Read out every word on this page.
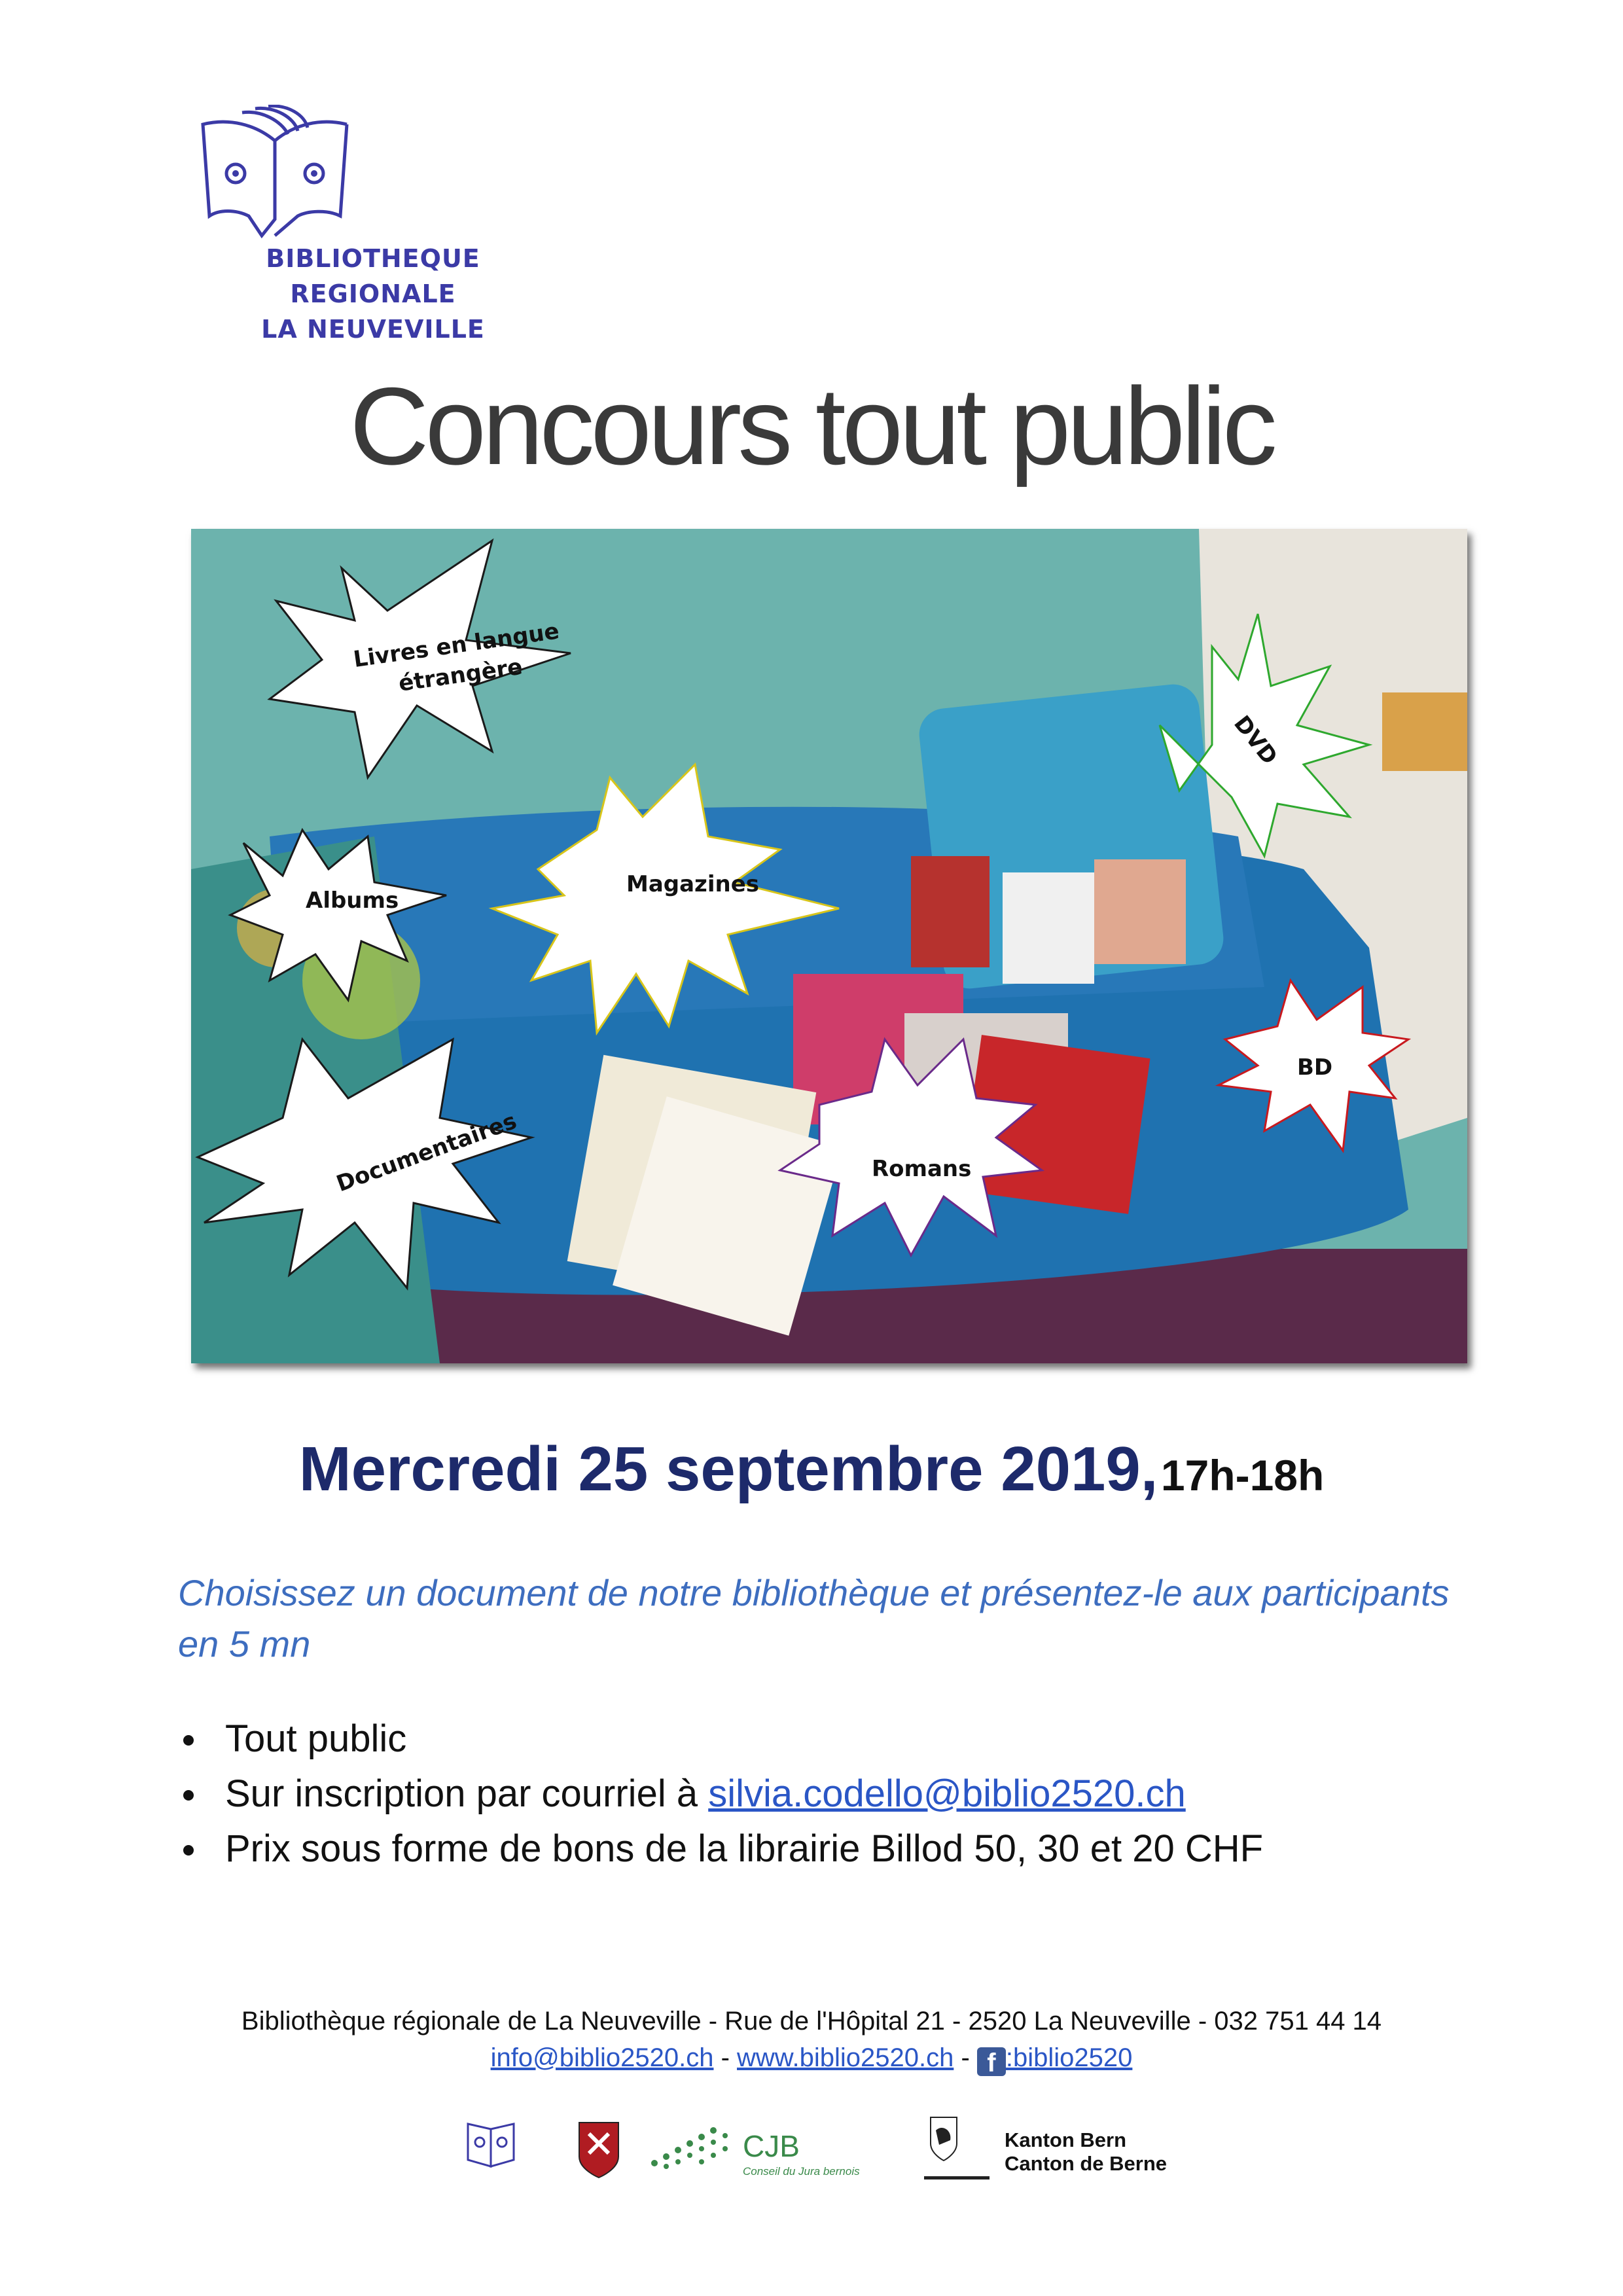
BIBLIOTHEQUE REGIONALE
LA NEUVEVILLE
Concours tout public
Livres en langue
étrangère
DVD
Albums
Magazines
BD
Documentaires	Romans
Mercredi 25 septembre 2019, 17h-18h
Choisissez un document de notre bibliothèque et présentez-le aux participants en 5 mn
Tout public
Sur inscription par courriel à silvia.codello@biblio2520.ch
Prix sous forme de bons de la librairie Billod 50, 30 et 20 CHF
Bibliothèque régionale de La Neuveville - Rue de l'Hôpital 21 - 2520 La Neuveville - 032 751 44 14
info@biblio2520.ch - www.biblio2520.ch - f :biblio2520
CJB
Conseil du Jura bernois
Kanton Bern
Canton de Berne
